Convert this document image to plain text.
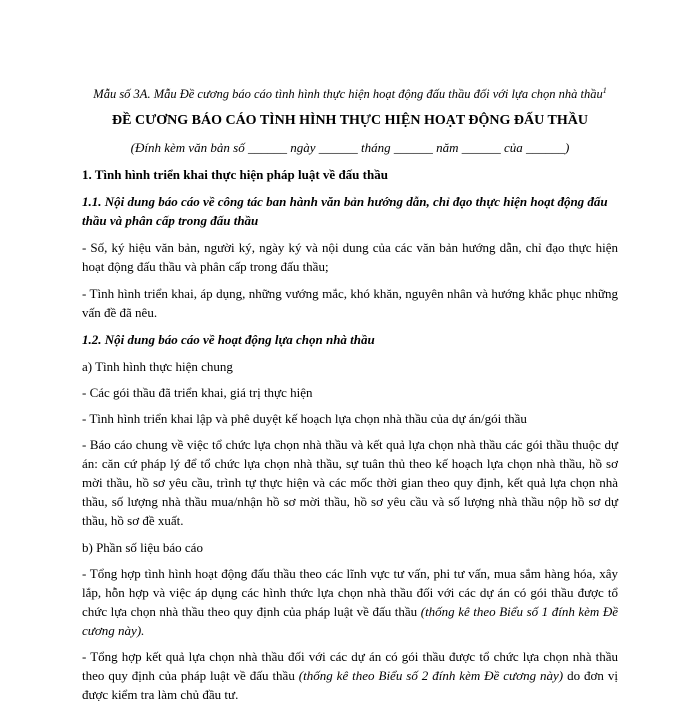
Mẫu số 3A. Mẫu Đề cương báo cáo tình hình thực hiện hoạt động đấu thầu đối với lựa chọn nhà thầu$^1$

ĐỀ CƯƠNG BÁO CÁO TÌNH HÌNH THỰC HIỆN HOẠT ĐỘNG ĐẤU THẦU

(Đính kèm văn bản số ______ ngày ______ tháng ______ năm ______ của ______)

1. Tình hình triển khai thực hiện pháp luật về đấu thầu

1.1. Nội dung báo cáo về công tác ban hành văn bản hướng dẫn, chỉ đạo thực hiện hoạt động đấu thầu và phân cấp trong đấu thầu

- Số, ký hiệu văn bản, người ký, ngày ký và nội dung của các văn bản hướng dẫn, chỉ đạo thực hiện hoạt động đấu thầu và phân cấp trong đấu thầu;

- Tình hình triển khai, áp dụng, những vướng mắc, khó khăn, nguyên nhân và hướng khắc phục những vấn đề đã nêu.

1.2. Nội dung báo cáo về hoạt động lựa chọn nhà thầu

a) Tình hình thực hiện chung

- Các gói thầu đã triển khai, giá trị thực hiện

- Tình hình triển khai lập và phê duyệt kế hoạch lựa chọn nhà thầu của dự án/gói thầu

- Báo cáo chung về việc tổ chức lựa chọn nhà thầu và kết quả lựa chọn nhà thầu các gói thầu thuộc dự án: căn cứ pháp lý để tổ chức lựa chọn nhà thầu, sự tuân thủ theo kế hoạch lựa chọn nhà thầu, hồ sơ mời thầu, hồ sơ yêu cầu, trình tự thực hiện và các mốc thời gian theo quy định, kết quả lựa chọn nhà thầu, số lượng nhà thầu mua/nhận hồ sơ mời thầu, hồ sơ yêu cầu và số lượng nhà thầu nộp hồ sơ dự thầu, hồ sơ đề xuất.

b) Phần số liệu báo cáo

- Tổng hợp tình hình hoạt động đấu thầu theo các lĩnh vực tư vấn, phi tư vấn, mua sắm hàng hóa, xây lắp, hỗn hợp và việc áp dụng các hình thức lựa chọn nhà thầu đối với các dự án có gói thầu được tổ chức lựa chọn nhà thầu theo quy định của pháp luật về đấu thầu (thống kê theo Biểu số 1 đính kèm Đề cương này).

- Tổng hợp kết quả lựa chọn nhà thầu đối với các dự án có gói thầu được tổ chức lựa chọn nhà thầu theo quy định của pháp luật về đấu thầu (thống kê theo Biểu số 2 đính kèm Đề cương này) do đơn vị được kiểm tra làm chủ đầu tư.
